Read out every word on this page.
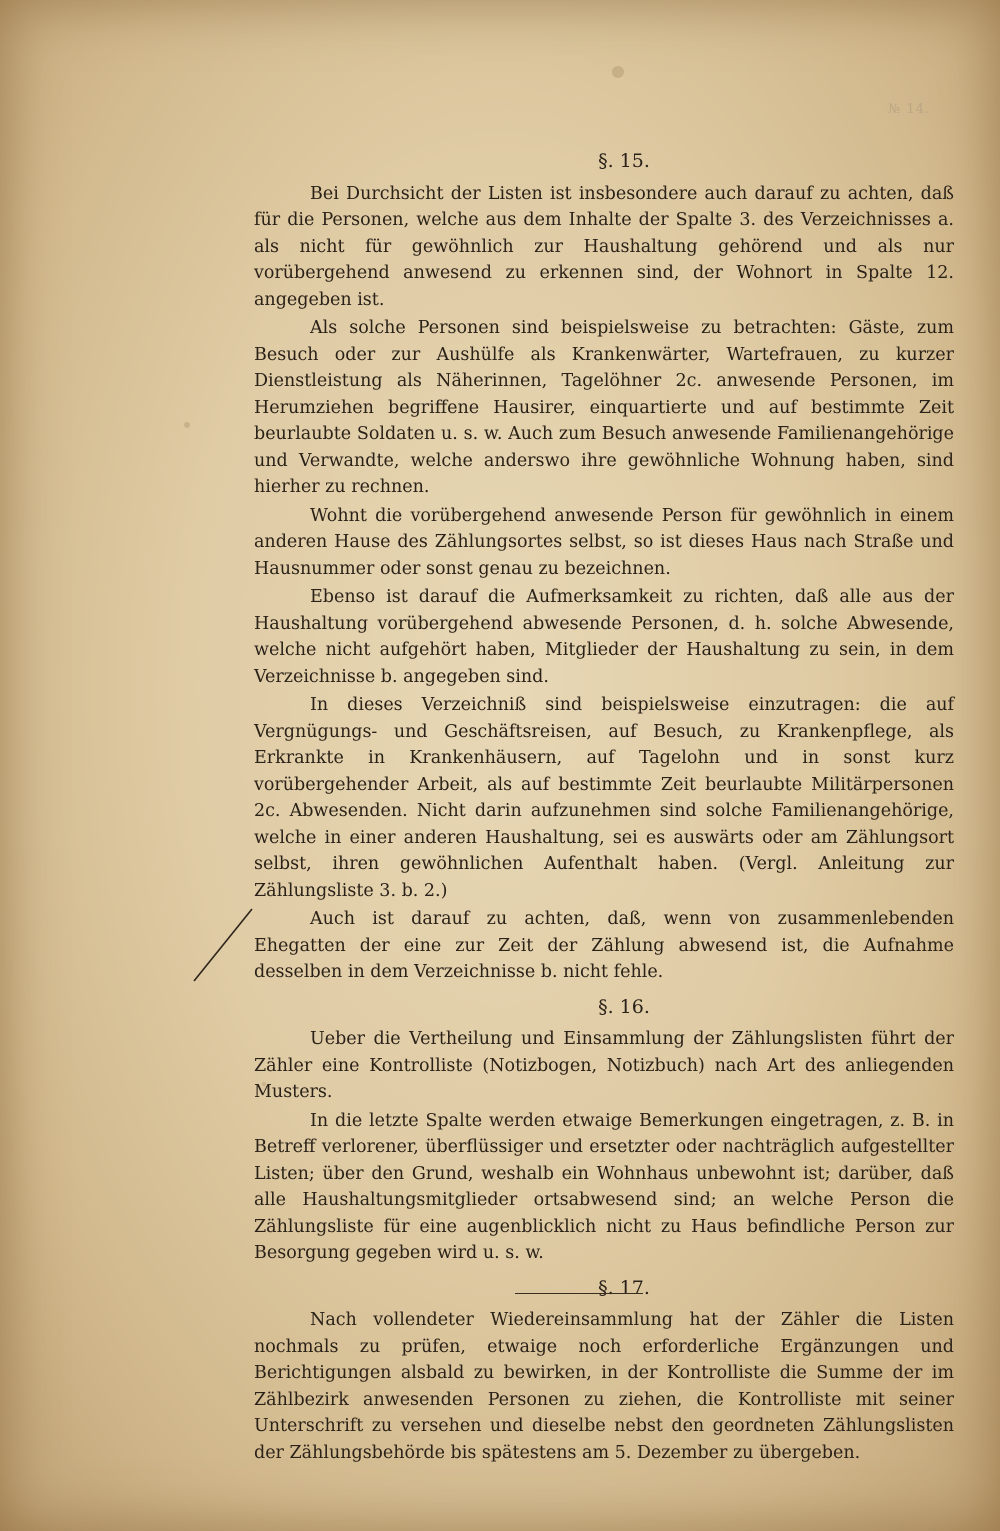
№ 14.
§. 15.

Bei Durchsicht der Listen ist insbesondere auch darauf zu achten, daß für die Personen, welche aus dem Inhalte der Spalte 3. des Verzeichnisses a. als nicht für gewöhnlich zur Haushaltung gehörend und als nur vorübergehend anwesend zu erkennen sind, der Wohnort in Spalte 12. angegeben ist.

Als solche Personen sind beispielsweise zu betrachten: Gäste, zum Besuch oder zur Aushülfe als Krankenwärter, Wartefrauen, zu kurzer Dienstleistung als Näherinnen, Tagelöhner 2c. anwesende Personen, im Herumziehen begriffene Hausirer, einquartierte und auf bestimmte Zeit beurlaubte Soldaten u. s. w. Auch zum Besuch anwesende Familienangehörige und Verwandte, welche anderswo ihre gewöhnliche Wohnung haben, sind hierher zu rechnen.

Wohnt die vorübergehend anwesende Person für gewöhnlich in einem anderen Hause des Zählungsortes selbst, so ist dieses Haus nach Straße und Hausnummer oder sonst genau zu bezeichnen.

Ebenso ist darauf die Aufmerksamkeit zu richten, daß alle aus der Haushaltung vorübergehend abwesende Personen, d. h. solche Abwesende, welche nicht aufgehört haben, Mitglieder der Haushaltung zu sein, in dem Verzeichnisse b. angegeben sind.

In dieses Verzeichniß sind beispielsweise einzutragen: die auf Vergnügungs- und Geschäftsreisen, auf Besuch, zu Krankenpflege, als Erkrankte in Krankenhäusern, auf Tagelohn und in sonst kurz vorübergehender Arbeit, als auf bestimmte Zeit beurlaubte Militärpersonen 2c. Abwesenden. Nicht darin aufzunehmen sind solche Familienangehörige, welche in einer anderen Haushaltung, sei es auswärts oder am Zählungsort selbst, ihren gewöhnlichen Aufenthalt haben. (Vergl. Anleitung zur Zählungsliste 3. b. 2.)

Auch ist darauf zu achten, daß, wenn von zusammenlebenden Ehegatten der eine zur Zeit der Zählung abwesend ist, die Aufnahme desselben in dem Verzeichnisse b. nicht fehle.

§. 16.

Ueber die Vertheilung und Einsammlung der Zählungslisten führt der Zähler eine Kontrolliste (Notizbogen, Notizbuch) nach Art des anliegenden Musters.

In die letzte Spalte werden etwaige Bemerkungen eingetragen, z. B. in Betreff verlorener, überflüssiger und ersetzter oder nachträglich aufgestellter Listen; über den Grund, weshalb ein Wohnhaus unbewohnt ist; darüber, daß alle Haushaltungsmitglieder ortsabwesend sind; an welche Person die Zählungsliste für eine augenblicklich nicht zu Haus befindliche Person zur Besorgung gegeben wird u. s. w.

§. 17.

Nach vollendeter Wiedereinsammlung hat der Zähler die Listen nochmals zu prüfen, etwaige noch erforderliche Ergänzungen und Berichtigungen alsbald zu bewirken, in der Kontrolliste die Summe der im Zählbezirk anwesenden Personen zu ziehen, die Kontrolliste mit seiner Unterschrift zu versehen und dieselbe nebst den geordneten Zählungslisten der Zählungsbehörde bis spätestens am 5. Dezember zu übergeben.
